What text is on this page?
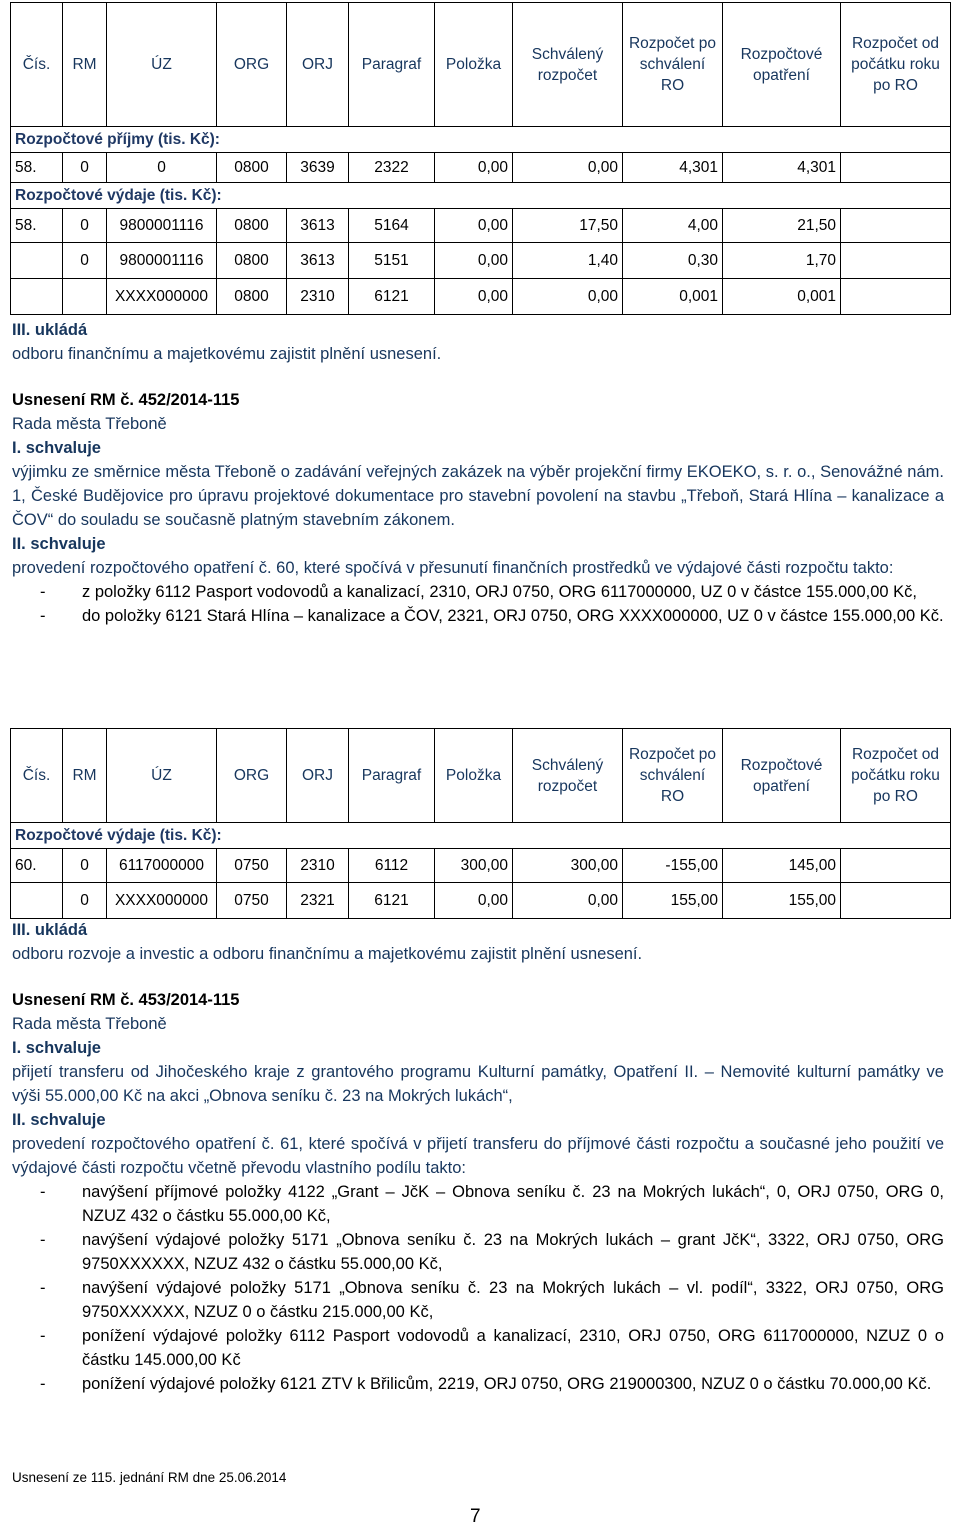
Čís.	RM	ÚZ	ORG	ORJ	Paragraf	Položka	Schválený rozpočet	Rozpočet po schválení RO	Rozpočtové opatření	Rozpočet od počátku roku po RO
Rozpočtové příjmy (tis. Kč):										
58.	0	0	0800	3639	2322	0,00	0,00	4,301	4,301	
Rozpočtové výdaje (tis. Kč):										
58.	0	9800001116	0800	3613	5164	0,00	17,50	4,00	21,50	
	0	9800001116	0800	3613	5151	0,00	1,40	0,30	1,70	
		XXXX000000	0800	2310	6121	0,00	0,00	0,001	0,001	
III. ukládá
odboru finančnímu a majetkovému zajistit plnění usnesení.
Usnesení RM č. 452/2014-115
Rada města Třeboně
I. schvaluje
výjimku ze směrnice města Třeboně o zadávání veřejných zakázek na výběr projekční firmy EKOEKO, s. r. o., Senovážné nám. 1, České Budějovice pro úpravu projektové dokumentace pro stavební povolení na stavbu „Třeboň, Stará Hlína – kanalizace a ČOV“ do souladu se současně platným stavebním zákonem.
II. schvaluje
provedení rozpočtového opatření č. 60, které spočívá v přesunutí finančních prostředků ve výdajové části rozpočtu takto:
- z položky 6112 Pasport vodovodů a kanalizací, 2310, ORJ 0750, ORG 6117000000, UZ 0 v částce 155.000,00 Kč,
- do položky 6121 Stará Hlína – kanalizace a ČOV, 2321, ORJ 0750, ORG XXXX000000, UZ 0 v částce 155.000,00 Kč.
Čís.	RM	ÚZ	ORG	ORJ	Paragraf	Položka	Schválený rozpočet	Rozpočet po schválení RO	Rozpočtové opatření	Rozpočet od počátku roku po RO
Rozpočtové výdaje (tis. Kč):										
60.	0	6117000000	0750	2310	6112	300,00	300,00	-155,00	145,00	
	0	XXXX000000	0750	2321	6121	0,00	0,00	155,00	155,00	
III. ukládá
odboru rozvoje a investic a odboru finančnímu a majetkovému zajistit plnění usnesení.
Usnesení RM č. 453/2014-115
Rada města Třeboně
I. schvaluje
přijetí transferu od Jihočeského kraje z grantového programu Kulturní památky, Opatření II. – Nemovité kulturní památky ve výši 55.000,00 Kč na akci „Obnova seníku č. 23 na Mokrých lukách“,
II. schvaluje
provedení rozpočtového opatření č. 61, které spočívá v přijetí transferu do příjmové části rozpočtu a současné jeho použití ve výdajové části rozpočtu včetně převodu vlastního podílu takto:
- navýšení příjmové položky 4122 „Grant – JčK – Obnova seníku č. 23 na Mokrých lukách“, 0, ORJ 0750, ORG 0, NZUZ 432 o částku 55.000,00 Kč,
- navýšení výdajové položky 5171 „Obnova seníku č. 23 na Mokrých lukách – grant JčK“, 3322, ORJ 0750, ORG 9750XXXXXX, NZUZ 432 o částku 55.000,00 Kč,
- navýšení výdajové položky 5171 „Obnova seníku č. 23 na Mokrých lukách – vl. podíl“, 3322, ORJ 0750, ORG 9750XXXXXX, NZUZ 0 o částku 215.000,00 Kč,
- ponížení výdajové položky 6112 Pasport vodovodů a kanalizací, 2310, ORJ 0750, ORG 6117000000, NZUZ 0 o částku 145.000,00 Kč
- ponížení výdajové položky 6121 ZTV k Břilicům, 2219, ORJ 0750, ORG 219000300, NZUZ 0 o částku 70.000,00 Kč.
Usnesení ze 115. jednání RM dne 25.06.2014
7
